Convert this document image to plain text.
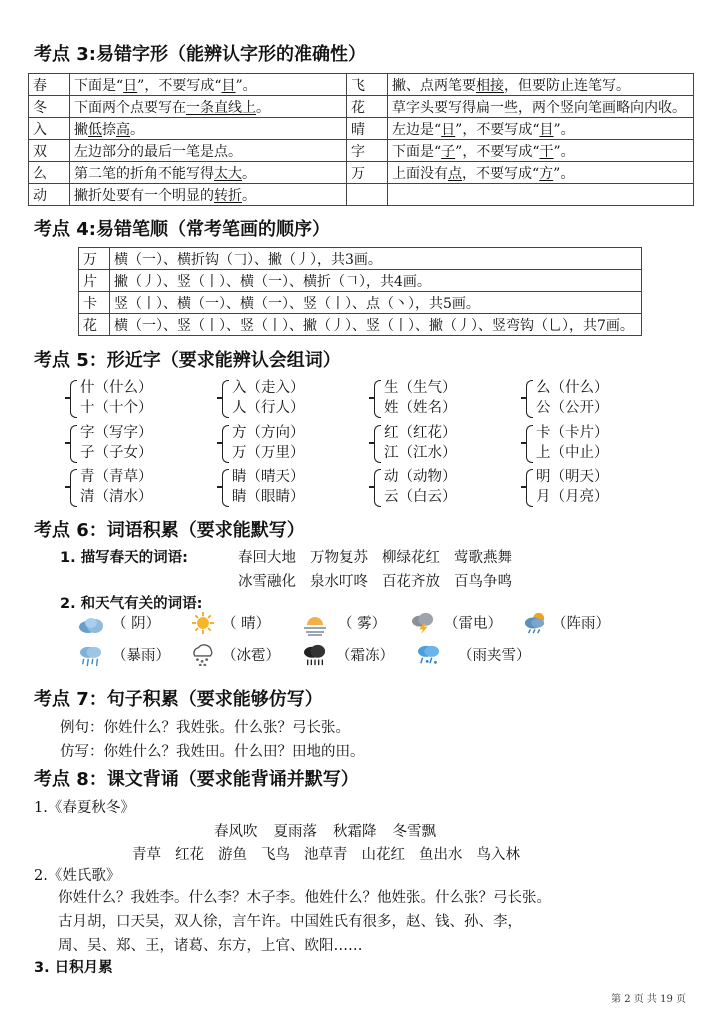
考点 3:易错字形（能辨认字形的准确性）
春	下面是“日”，不要写成“目”。	飞	撇、点两笔要相接，但要防止连笔写。
冬	下面两个点要写在一条直线上。	花	草字头要写得扁一些，两个竖向笔画略向内收。
入	撇低捺高。	晴	左边是“日”，不要写成“目”。
双	左边部分的最后一笔是点。	字	下面是“子”，不要写成“干”。
么	第二笔的折角不能写得太大。	万	上面没有点，不要写成“方”。
动	撇折处要有一个明显的转折。		
考点 4:易错笔顺（常考笔画的顺序）
万	横（一）、横折钩（𠃌）、撇（丿），共3画。
片	撇（丿）、竖（丨）、横（一）、横折（𠃍），共4画。
卡	竖（丨）、横（一）、横（一）、竖（丨）、点（丶），共5画。
花	横（一）、竖（丨）、竖（丨）、撇（丿）、竖（丨）、撇（丿）、竖弯钩（乚），共7画。
考点 5：形近字（要求能辨认会组词）
什（什么）
十（十个）
入（走入）
人（行人）
生（生气）
姓（姓名）
么（什么）
公（公开）
字（写字）
子（子女）
方（方向）
万（万里）
红（红花）
江（江水）
卡（卡片）
上（中止）
青（青草）
清（清水）
睛（晴天）
睛（眼睛）
动（动物）
云（白云）
明（明天）
月（月亮）
考点 6：词语积累（要求能默写）
1. 描写春天的词语:	春回大地 万物复苏 柳绿花红 莺歌燕舞
冰雪融化 泉水叮咚 百花齐放 百鸟争鸣
2. 和天气有关的词语:
（ 阴）	（ 晴）	（ 雾）	（雷电）	（阵雨）
（暴雨）	（冰雹）	（霜冻）	（雨夹雪）
考点 7：句子积累（要求能够仿写）
例句：你姓什么？我姓张。什么张？弓长张。
仿写：你姓什么？我姓田。什么田？田地的田。
考点 8：课文背诵（要求能背诵并默写）
1.《春夏秋冬》
春风吹 夏雨落 秋霜降 冬雪飘
青草 红花 游鱼 飞鸟 池草青 山花红 鱼出水 鸟入林
2.《姓氏歌》
你姓什么？我姓李。什么李？木子李。他姓什么？他姓张。什么张？弓长张。
古月胡，口天吴，双人徐，言午许。中国姓氏有很多，赵、钱、孙、李，
周、吴、郑、王，诸葛、东方，上官、欧阳……
3. 日积月累
第 2 页 共 19 页
